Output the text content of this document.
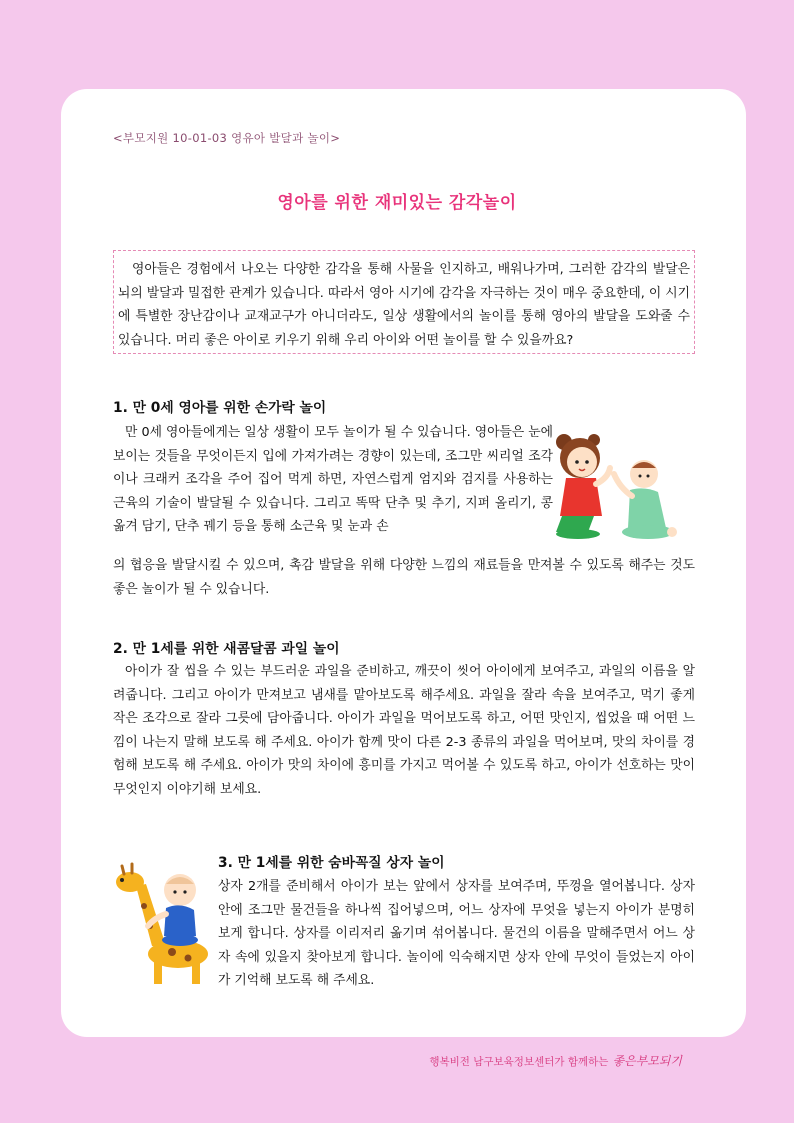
<부모지원 10-01-03 영유아 발달과 놀이>
영아를 위한 재미있는 감각놀이

영아들은 경험에서 나오는 다양한 감각을 통해 사물을 인지하고, 배워나가며, 그러한 감각의 발달은 뇌의 발달과 밀접한 관계가 있습니다. 따라서 영아 시기에 감각을 자극하는 것이 매우 중요한데, 이 시기에 특별한 장난감이나 교재교구가 아니더라도, 일상 생활에서의 놀이를 통해 영아의 발달을 도와줄 수 있습니다. 머리 좋은 아이로 키우기 위해 우리 아이와 어떤 놀이를 할 수 있을까요?

1. 만 0세 영아를 위한 손가락 놀이

만 0세 영아들에게는 일상 생활이 모두 놀이가 될 수 있습니다. 영아들은 눈에 보이는 것들을 무엇이든지 입에 가져가려는 경향이 있는데, 조그만 씨리얼 조각이나 크래커 조각을 주어 집어 먹게 하면, 자연스럽게 엄지와 검지를 사용하는 근육의 기술이 발달될 수 있습니다. 그리고 똑딱 단추 및 추기, 지퍼 올리기, 콩 옮겨 담기, 단추 꿰기 등을 통해 소근육 및 눈과 손

의 협응을 발달시킬 수 있으며, 촉감 발달을 위해 다양한 느낌의 재료들을 만져볼 수 있도록 해주는 것도 좋은 놀이가 될 수 있습니다.

2. 만 1세를 위한 새콤달콤 과일 놀이

아이가 잘 씹을 수 있는 부드러운 과일을 준비하고, 깨끗이 씻어 아이에게 보여주고, 과일의 이름을 알려줍니다. 그리고 아이가 만져보고 냄새를 맡아보도록 해주세요. 과일을 잘라 속을 보여주고, 먹기 좋게 작은 조각으로 잘라 그릇에 담아줍니다. 아이가 과일을 먹어보도록 하고, 어떤 맛인지, 씹었을 때 어떤 느낌이 나는지 말해 보도록 해 주세요. 아이가 함께 맛이 다른 2-3 종류의 과일을 먹어보며, 맛의 차이를 경험해 보도록 해 주세요. 아이가 맛의 차이에 흥미를 가지고 먹어볼 수 있도록 하고, 아이가 선호하는 맛이 무엇인지 이야기해 보세요.

3. 만 1세를 위한 숨바꼭질 상자 놀이

상자 2개를 준비해서 아이가 보는 앞에서 상자를 보여주며, 뚜껑을 열어봅니다. 상자 안에 조그만 물건들을 하나씩 집어넣으며, 어느 상자에 무엇을 넣는지 아이가 분명히 보게 합니다. 상자를 이리저리 옮기며 섞어봅니다. 물건의 이름을 말해주면서 어느 상자 속에 있을지 찾아보게 합니다. 놀이에 익숙해지면 상자 안에 무엇이 들었는지 아이가 기억해 보도록 해 주세요.

행복비전 남구보육정보센터가 함께하는 좋은부모되기
